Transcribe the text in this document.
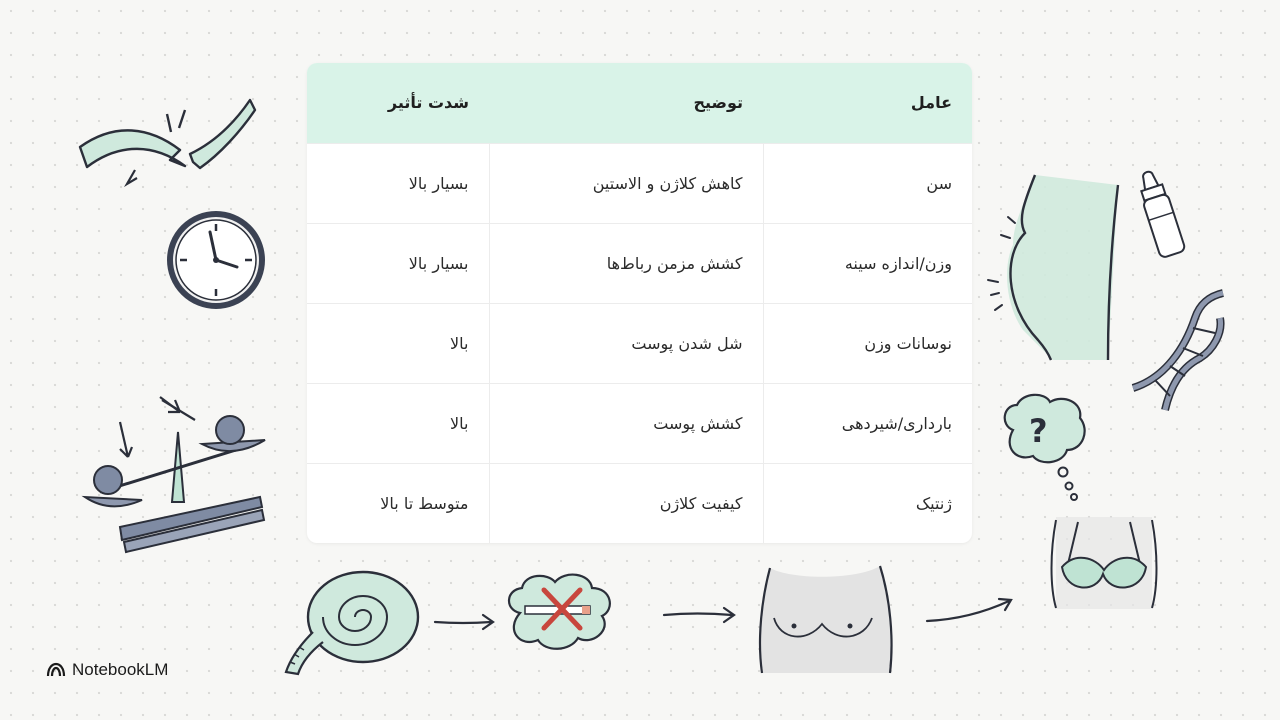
عامل	توضیح	شدت تأثیر
سن	کاهش کلاژن و الاستین	بسیار بالا
وزن/اندازه سینه	کشش مزمن رباط‌ها	بسیار بالا
نوسانات وزن	شل شدن پوست	بالا
بارداری/شیردهی	کشش پوست	بالا
ژنتیک	کیفیت کلاژن	متوسط تا بالا
?
NotebookLM
